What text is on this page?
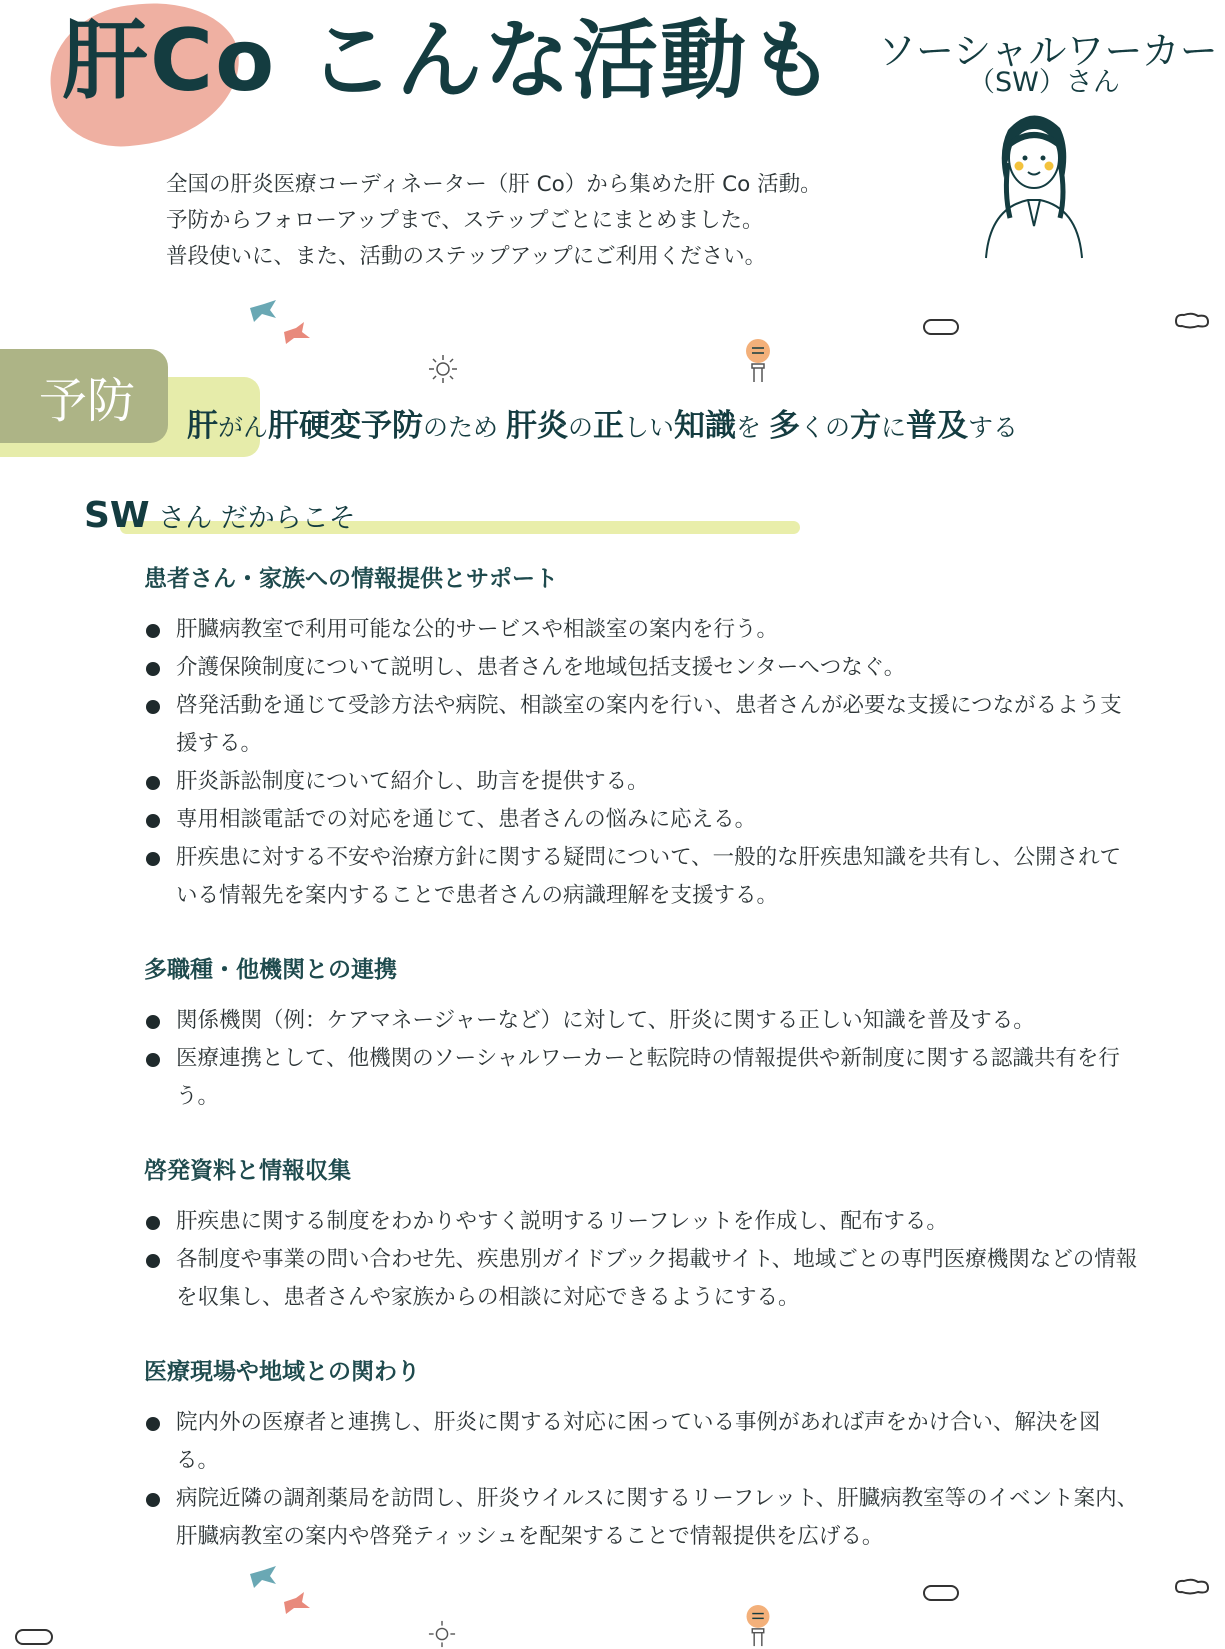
肝Co こんな活動も ソーシャルワーカー
（SW）さん
全国の肝炎医療コーディネーター（肝 Co）から集めた肝 Co 活動。
予防からフォローアップまで、ステップごとにまとめました。
普段使いに、また、活動のステップアップにご利用ください。
予防	肝がん肝硬変予防のため 肝炎の正しい知識を 多くの方に普及する
SW さん だからこそ
患者さん・家族への情報提供とサポート
肝臓病教室で利用可能な公的サービスや相談室の案内を行う。
介護保険制度について説明し、患者さんを地域包括支援センターへつなぐ。
啓発活動を通じて受診方法や病院、相談室の案内を行い、患者さんが必要な支援につながるよう支援する。
肝炎訴訟制度について紹介し、助言を提供する。
専用相談電話での対応を通じて、患者さんの悩みに応える。
肝疾患に対する不安や治療方針に関する疑問について、一般的な肝疾患知識を共有し、公開されている情報先を案内することで患者さんの病識理解を支援する。
多職種・他機関との連携
関係機関（例：ケアマネージャーなど）に対して、肝炎に関する正しい知識を普及する。
医療連携として、他機関のソーシャルワーカーと転院時の情報提供や新制度に関する認識共有を行う。
啓発資料と情報収集
肝疾患に関する制度をわかりやすく説明するリーフレットを作成し、配布する。
各制度や事業の問い合わせ先、疾患別ガイドブック掲載サイト、地域ごとの専門医療機関などの情報を収集し、患者さんや家族からの相談に対応できるようにする。
医療現場や地域との関わり
院内外の医療者と連携し、肝炎に関する対応に困っている事例があれば声をかけ合い、解決を図る。
病院近隣の調剤薬局を訪問し、肝炎ウイルスに関するリーフレット、肝臓病教室等のイベント案内、肝臓病教室の案内や啓発ティッシュを配架することで情報提供を広げる。
